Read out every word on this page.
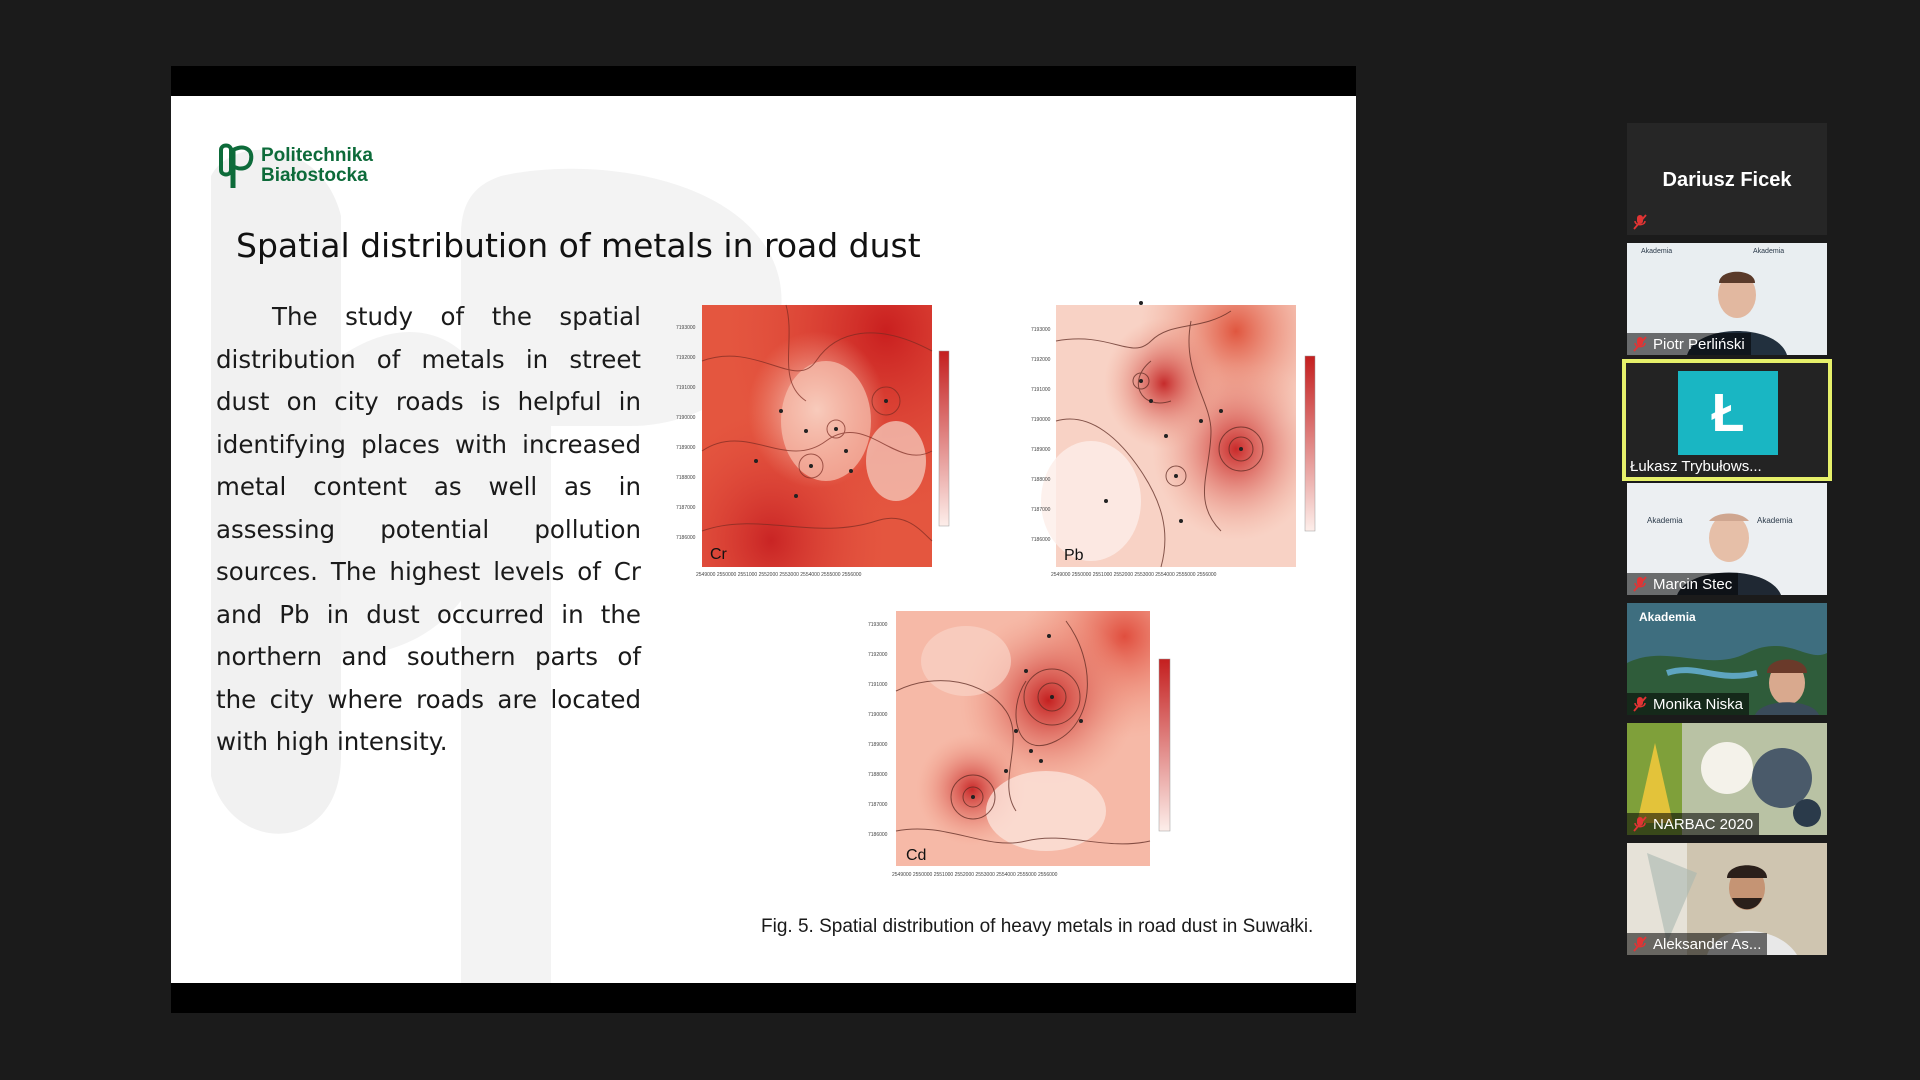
Politechnika
Białostocka
Spatial distribution of metals in road dust

The study of the spatial distribution of metals in street dust on city roads is helpful in identifying places with increased metal content as well as in assessing potential pollution sources. The highest levels of Cr and Pb in dust occurred in the northern and southern parts of the city where roads are located with high intensity.

Cr
7193000
7192000
7191000
7190000
7189000
7188000
7187000
7186000
2549000 2550000 2551000 2552000 2553000 2554000 2555000 2556000
Pb
7193000
7192000
7191000
7190000
7189000
7188000
7187000
7186000
2549000 2550000 2551000 2552000 2553000 2554000 2555000 2556000
Cd
7193000
7192000
7191000
7190000
7189000
7188000
7187000
7186000
2549000 2550000 2551000 2552000 2553000 2554000 2555000 2556000
Fig. 5. Spatial distribution of heavy metals in road dust in Suwałki.
Dariusz Ficek
Akademia	Akademia
Piotr Perliński
Ł
Łukasz Trybułows...
Akademia	Akademia
Marcin Stec
Akademia
Monika Niska
NARBAC 2020
Aleksander As...
